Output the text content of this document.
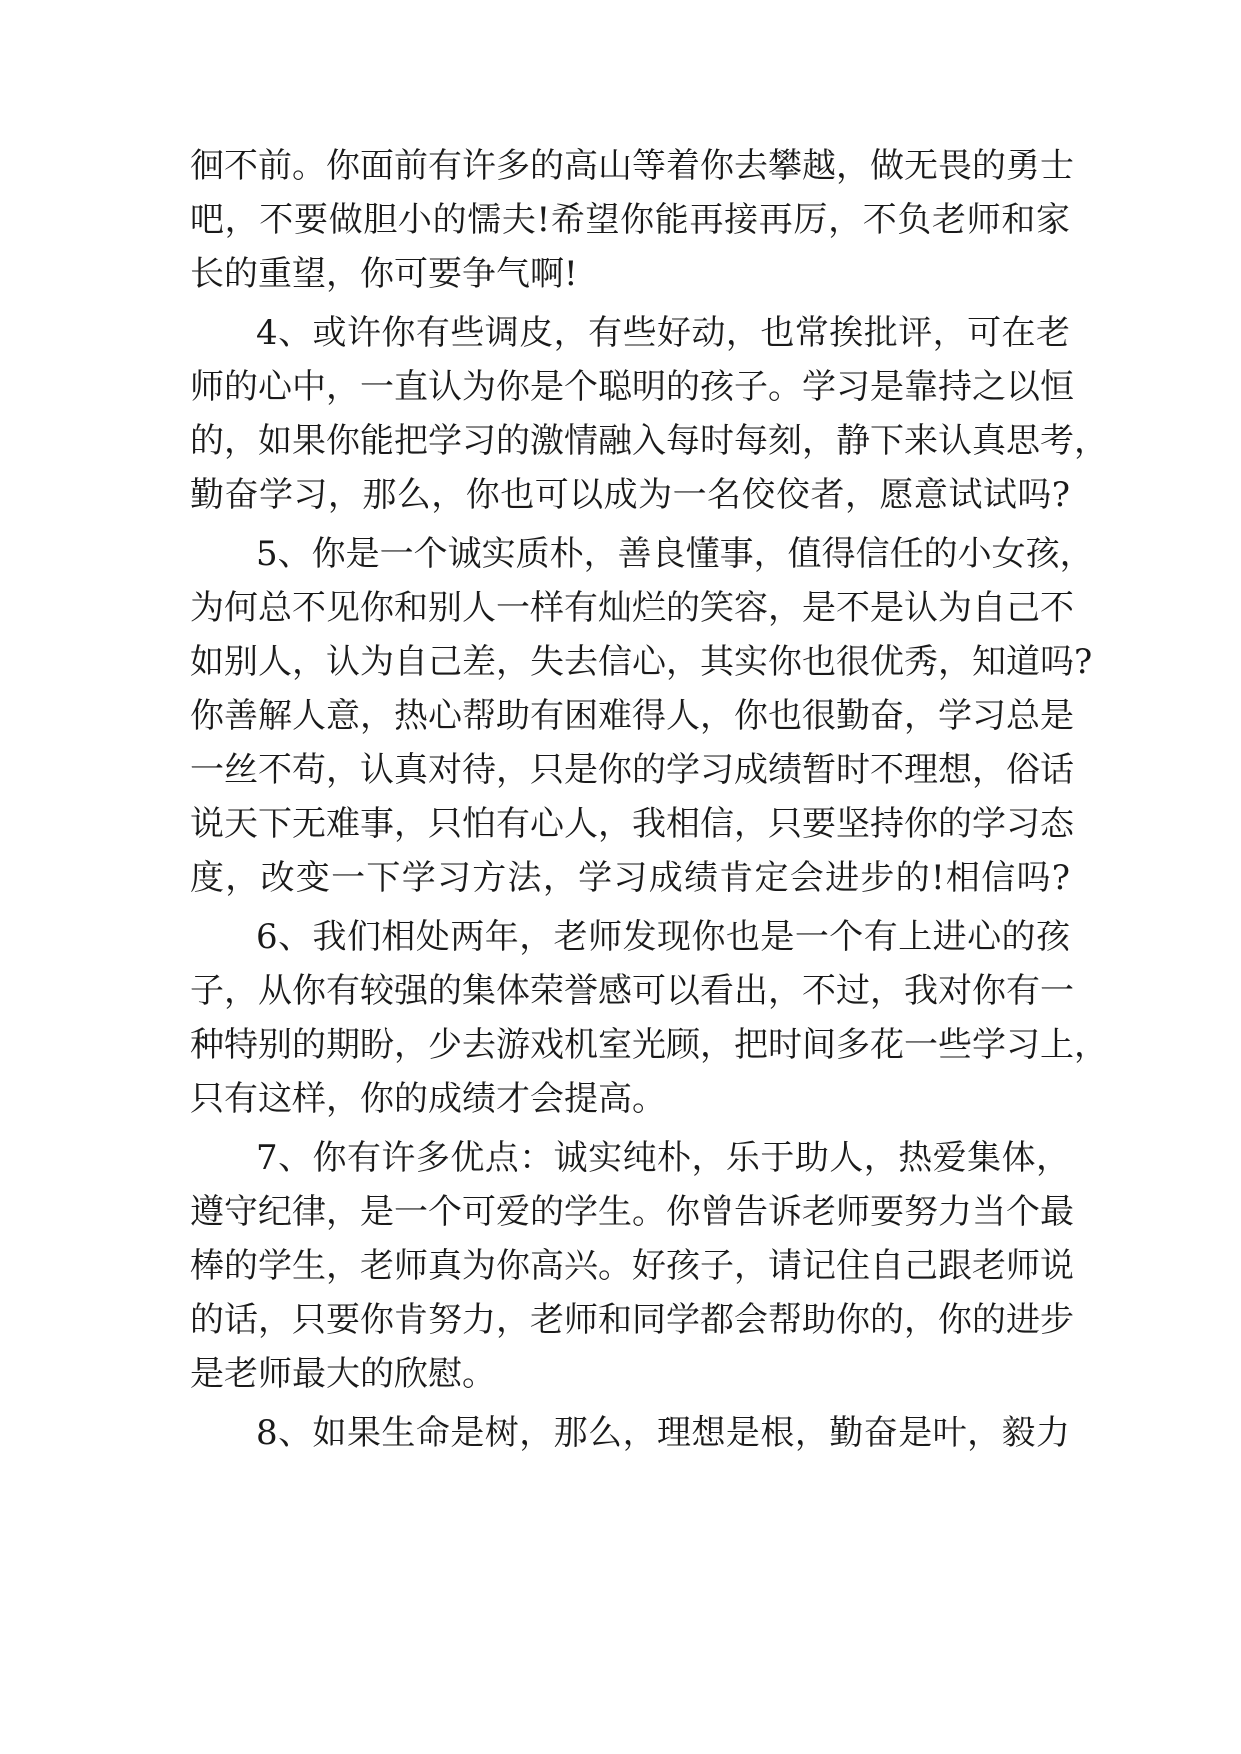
徊不前。你面前有许多的高山等着你去攀越，做无畏的勇士
吧，不要做胆小的懦夫!希望你能再接再厉，不负老师和家
长的重望，你可要争气啊!
4、或许你有些调皮，有些好动，也常挨批评，可在老
师的心中，一直认为你是个聪明的孩子。学习是靠持之以恒
的，如果你能把学习的激情融入每时每刻，静下来认真思考，
勤奋学习，那么，你也可以成为一名佼佼者，愿意试试吗?
5、你是一个诚实质朴，善良懂事，值得信任的小女孩，
为何总不见你和别人一样有灿烂的笑容，是不是认为自己不
如别人，认为自己差，失去信心，其实你也很优秀，知道吗?
你善解人意，热心帮助有困难得人，你也很勤奋，学习总是
一丝不苟，认真对待，只是你的学习成绩暂时不理想，俗话
说天下无难事，只怕有心人，我相信，只要坚持你的学习态
度，改变一下学习方法，学习成绩肯定会进步的!相信吗?
6、我们相处两年，老师发现你也是一个有上进心的孩
子，从你有较强的集体荣誉感可以看出，不过，我对你有一
种特别的期盼，少去游戏机室光顾，把时间多花一些学习上，
只有这样，你的成绩才会提高。
7、你有许多优点：诚实纯朴，乐于助人，热爱集体，
遵守纪律，是一个可爱的学生。你曾告诉老师要努力当个最
棒的学生，老师真为你高兴。好孩子，请记住自己跟老师说
的话，只要你肯努力，老师和同学都会帮助你的，你的进步
是老师最大的欣慰。
8、如果生命是树，那么，理想是根，勤奋是叶，毅力
